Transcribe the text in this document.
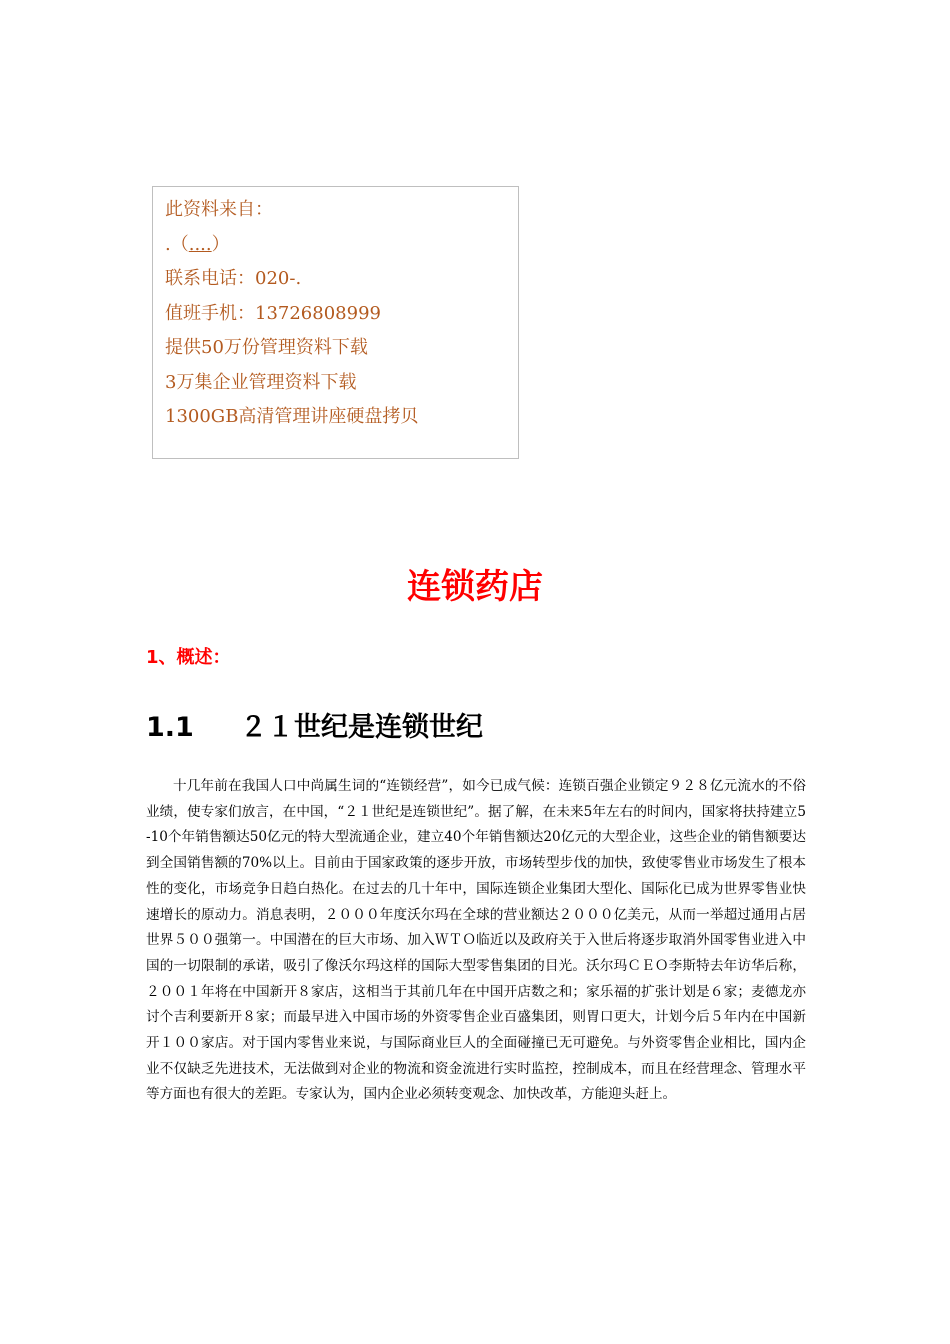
此资料来自：
.（....）
联系电话：020-.
值班手机：13726808999
提供50万份管理资料下载
3万集企业管理资料下载
1300GB高清管理讲座硬盘拷贝
连锁药店
1、概述：
1.1 ２１世纪是连锁世纪

十几年前在我国人口中尚属生词的“连锁经营”，如今已成气候：连锁百强企业锁定９２８亿元流水的不俗业绩，使专家们放言，在中国，“２１世纪是连锁世纪”。据了解，在未来5年左右的时间内，国家将扶持建立5-10个年销售额达50亿元的特大型流通企业，建立40个年销售额达20亿元的大型企业，这些企业的销售额要达到全国销售额的70%以上。目前由于国家政策的逐步开放，市场转型步伐的加快，致使零售业市场发生了根本性的变化，市场竞争日趋白热化。在过去的几十年中，国际连锁企业集团大型化、国际化已成为世界零售业快速增长的原动力。消息表明，２０００年度沃尔玛在全球的营业额达２０００亿美元，从而一举超过通用占居世界５００强第一。中国潜在的巨大市场、加入ＷＴＯ临近以及政府关于入世后将逐步取消外国零售业进入中国的一切限制的承诺，吸引了像沃尔玛这样的国际大型零售集团的目光。沃尔玛ＣＥＯ李斯特去年访华后称，２００１年将在中国新开８家店，这相当于其前几年在中国开店数之和；家乐福的扩张计划是６家；麦德龙亦讨个吉利要新开８家；而最早进入中国市场的外资零售企业百盛集团，则胃口更大，计划今后５年内在中国新开１００家店。对于国内零售业来说，与国际商业巨人的全面碰撞已无可避免。与外资零售企业相比，国内企业不仅缺乏先进技术，无法做到对企业的物流和资金流进行实时监控，控制成本，而且在经营理念、管理水平等方面也有很大的差距。专家认为，国内企业必须转变观念、加快改革，方能迎头赶上。
